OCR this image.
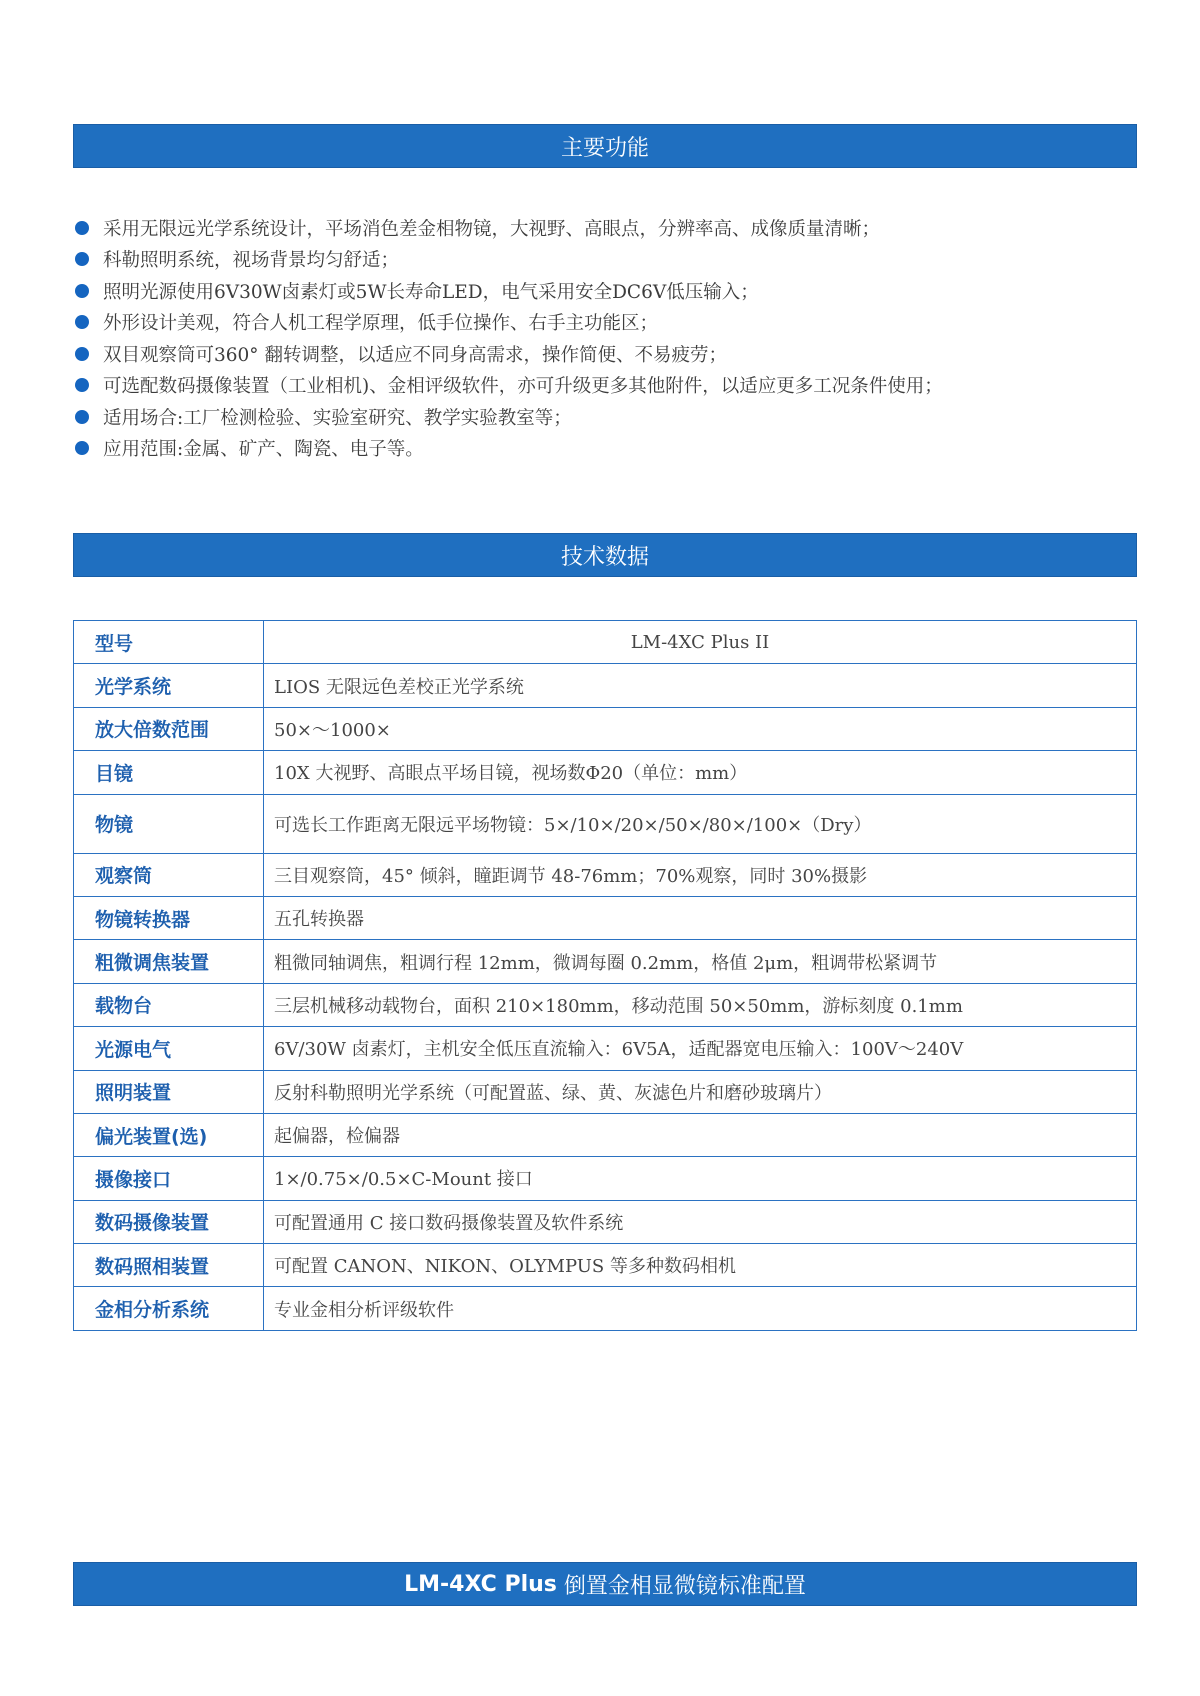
主要功能
采用无限远光学系统设计，平场消色差金相物镜，大视野、高眼点，分辨率高、成像质量清晰；
科勒照明系统，视场背景均匀舒适；
照明光源使用6V30W卤素灯或5W长寿命LED，电气采用安全DC6V低压输入；
外形设计美观，符合人机工程学原理，低手位操作、右手主功能区；
双目观察筒可360° 翻转调整，以适应不同身高需求，操作简便、不易疲劳；
可选配数码摄像装置（工业相机)、金相评级软件，亦可升级更多其他附件，以适应更多工况条件使用；
适用场合:工厂检测检验、实验室研究、教学实验教室等；
应用范围:金属、矿产、陶瓷、电子等。
技术数据
型号	LM-4XC Plus II
光学系统	LIOS 无限远色差校正光学系统
放大倍数范围	50×～1000×
目镜	10X 大视野、高眼点平场目镜，视场数Φ20（单位：mm）
物镜	可选长工作距离无限远平场物镜：5×/10×/20×/50×/80×/100×（Dry）
观察筒	三目观察筒，45° 倾斜，瞳距调节 48-76mm；70%观察，同时 30%摄影
物镜转换器	五孔转换器
粗微调焦装置	粗微同轴调焦，粗调行程 12mm，微调每圈 0.2mm，格值 2μm，粗调带松紧调节
载物台	三层机械移动载物台，面积 210×180mm，移动范围 50×50mm，游标刻度 0.1mm
光源电气	6V/30W 卤素灯，主机安全低压直流输入：6V5A，适配器宽电压输入：100V～240V
照明装置	反射科勒照明光学系统（可配置蓝、绿、黄、灰滤色片和磨砂玻璃片）
偏光装置(选)	起偏器，检偏器
摄像接口	1×/0.75×/0.5×C-Mount 接口
数码摄像装置	可配置通用 C 接口数码摄像装置及软件系统
数码照相装置	可配置 CANON、NIKON、OLYMPUS 等多种数码相机
金相分析系统	专业金相分析评级软件
LM-4XC Plus 倒置金相显微镜标准配置
